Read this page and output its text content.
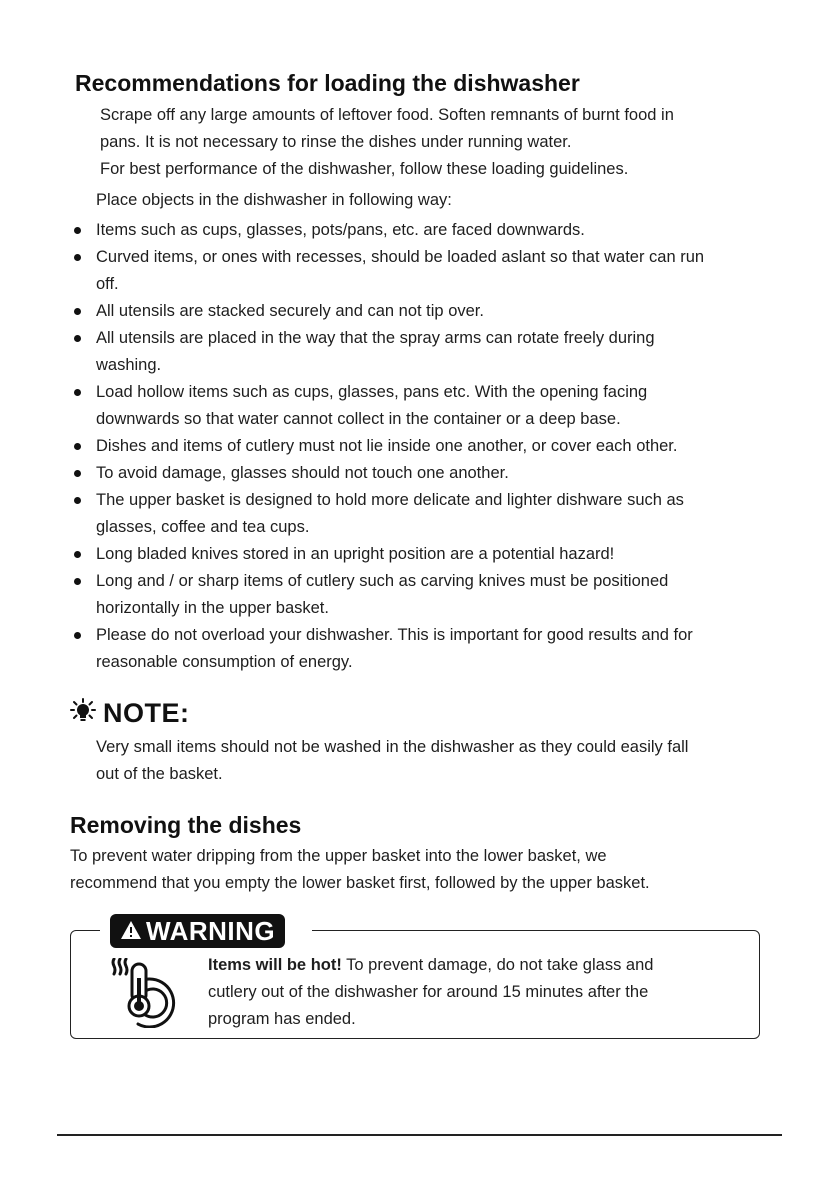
Recommendations for loading the dishwasher
Scrape off any large amounts of leftover food. Soften remnants of burnt food in
pans. It is not necessary to rinse the dishes under running water.
For best performance of the dishwasher, follow these loading guidelines.
Place objects in the dishwasher in following way:
Items such as cups, glasses, pots/pans, etc. are faced downwards.
Curved items, or ones with recesses, should be loaded aslant so that water can run
off.
All utensils are stacked securely and can not tip over.
All utensils are placed in the way that the spray arms can rotate freely during
washing.
Load hollow items such as cups, glasses, pans etc. With the opening facing
downwards so that water cannot collect in the container or a deep base.
Dishes and items of cutlery must not lie inside one another, or cover each other.
To avoid damage, glasses should not touch one another.
The upper basket is designed to hold more delicate and lighter dishware such as
glasses, coffee and tea cups.
Long bladed knives stored in an upright position are a potential hazard!
Long and / or sharp items of cutlery such as carving knives must be positioned
horizontally in the upper basket.
Please do not overload your dishwasher. This is important for good results and for
reasonable consumption of energy.
NOTE:
Very small items should not be washed in the dishwasher as they could easily fall
out of the basket.
Removing the dishes
To prevent water dripping from the upper basket into the lower basket, we
recommend that you empty the lower basket first, followed by the upper basket.
WARNING
Items will be hot! To prevent damage, do not take glass and
cutlery out of the dishwasher for around 15 minutes after the
program has ended.
